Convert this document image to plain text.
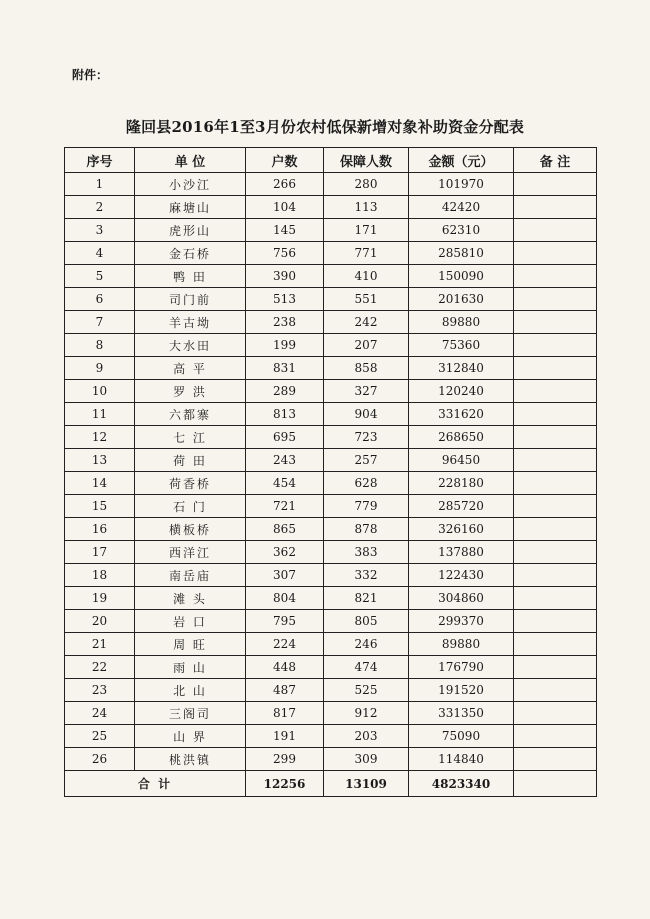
附件：
隆回县2016年1至3月份农村低保新增对象补助资金分配表
序号	单 位	户数	保障人数	金额（元）	备 注
1	小沙江	266	280	101970	
2	麻塘山	104	113	42420	
3	虎形山	145	171	62310	
4	金石桥	756	771	285810	
5	鸭 田	390	410	150090	
6	司门前	513	551	201630	
7	羊古坳	238	242	89880	
8	大水田	199	207	75360	
9	高 平	831	858	312840	
10	罗 洪	289	327	120240	
11	六都寨	813	904	331620	
12	七 江	695	723	268650	
13	荷 田	243	257	96450	
14	荷香桥	454	628	228180	
15	石 门	721	779	285720	
16	横板桥	865	878	326160	
17	西洋江	362	383	137880	
18	南岳庙	307	332	122430	
19	滩 头	804	821	304860	
20	岩 口	795	805	299370	
21	周 旺	224	246	89880	
22	雨 山	448	474	176790	
23	北 山	487	525	191520	
24	三阁司	817	912	331350	
25	山 界	191	203	75090	
26	桃洪镇	299	309	114840	
合 计		12256	13109	4823340	
